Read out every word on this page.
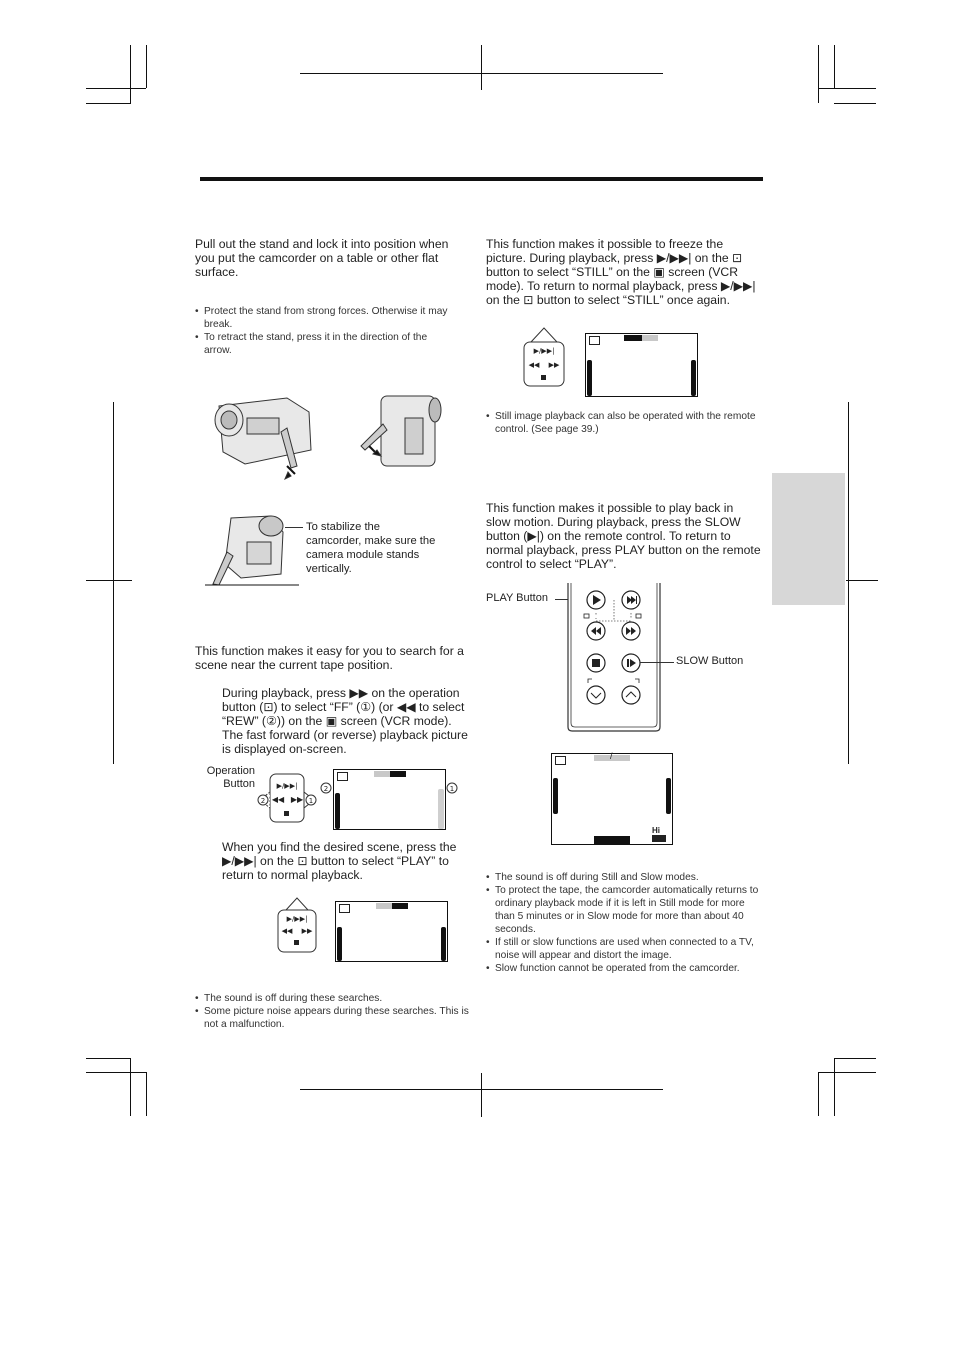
Pull out the stand and lock it into position when you put the camcorder on a table or other flat surface.
• Protect the stand from strong forces. Otherwise it may break.
• To retract the stand, press it in the direction of the arrow.
To stabilize the camcorder, make sure the camera module stands vertically.
This function makes it easy for you to search for a scene near the current tape position.
During playback, press ▶▶ on the operation button (⊡) to select “FF” (①) (or ◀◀ to select “REW” (②)) on the ▣ screen (VCR mode). The fast forward (or reverse) playback picture is displayed on-screen.
Operation Button	▶/▶▶|
◀◀ ▶▶ 1
2
2	1
When you find the desired scene, press the ▶/▶▶| on the ⊡ button to select “PLAY” to return to normal playback.
▶/▶▶|
◀◀ ▶▶
• The sound is off during these searches.
• Some picture noise appears during these searches. This is not a malfunction.
This function makes it possible to freeze the picture. During playback, press ▶/▶▶| on the ⊡ button to select “STILL” on the ▣ screen (VCR mode). To return to normal playback, press ▶/▶▶| on the ⊡ button to select “STILL” once again.
▶/▶▶|
◀◀ ▶▶
• Still image playback can also be operated with the remote control. (See page 39.)
This function makes it possible to play back in slow motion. During playback, press the SLOW button (▶|) on the remote control. To return to normal playback, press PLAY button on the remote control to select “PLAY”.
PLAY Button
SLOW Button
/
Hi
• The sound is off during Still and Slow modes.
• To protect the tape, the camcorder automatically returns to ordinary playback mode if it is left in Still mode for more than 5 minutes or in Slow mode for more than about 40 seconds.
• If still or slow functions are used when connected to a TV, noise will appear and distort the image.
• Slow function cannot be operated from the camcorder.
